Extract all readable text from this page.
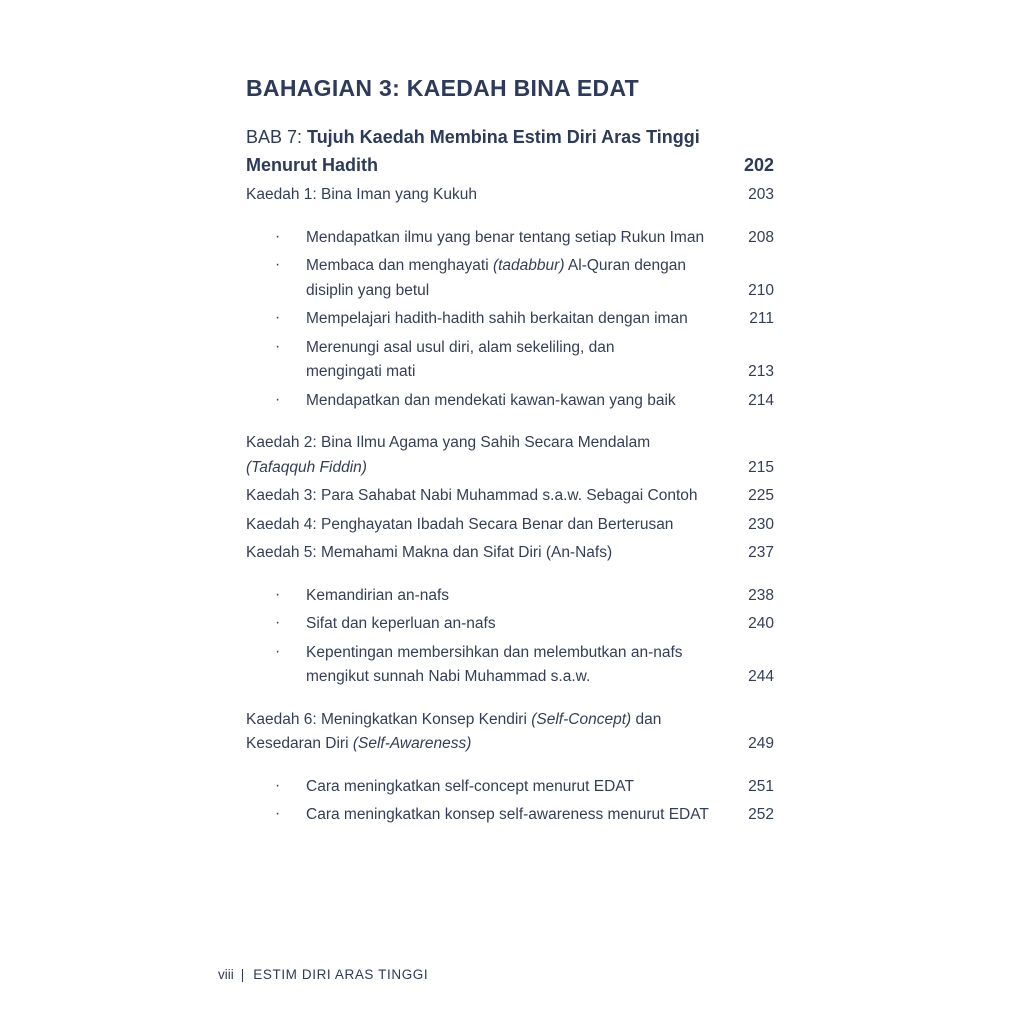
BAHAGIAN 3: KAEDAH BINA EDAT
BAB 7: Tujuh Kaedah Membina Estim Diri Aras Tinggi
Menurut Hadith	202
Kaedah 1: Bina Iman yang Kukuh	203
· Mendapatkan ilmu yang benar tentang setiap Rukun Iman	208
· Membaca dan menghayati (tadabbur) Al-Quran dengan
disiplin yang betul	210
· Mempelajari hadith-hadith sahih berkaitan dengan iman	211
· Merenungi asal usul diri, alam sekeliling, dan
mengingati mati	213
· Mendapatkan dan mendekati kawan-kawan yang baik	214
Kaedah 2: Bina Ilmu Agama yang Sahih Secara Mendalam
(Tafaqquh Fiddin)	215
Kaedah 3: Para Sahabat Nabi Muhammad s.a.w. Sebagai Contoh	225
Kaedah 4: Penghayatan Ibadah Secara Benar dan Berterusan	230
Kaedah 5: Memahami Makna dan Sifat Diri (An-Nafs)	237
· Kemandirian an-nafs	238
· Sifat dan keperluan an-nafs	240
· Kepentingan membersihkan dan melembutkan an-nafs
mengikut sunnah Nabi Muhammad s.a.w.	244
Kaedah 6: Meningkatkan Konsep Kendiri (Self-Concept) dan
Kesedaran Diri (Self-Awareness)	249
· Cara meningkatkan self-concept menurut EDAT	251
· Cara meningkatkan konsep self-awareness menurut EDAT	252
viii | ESTIM DIRI ARAS TINGGI
